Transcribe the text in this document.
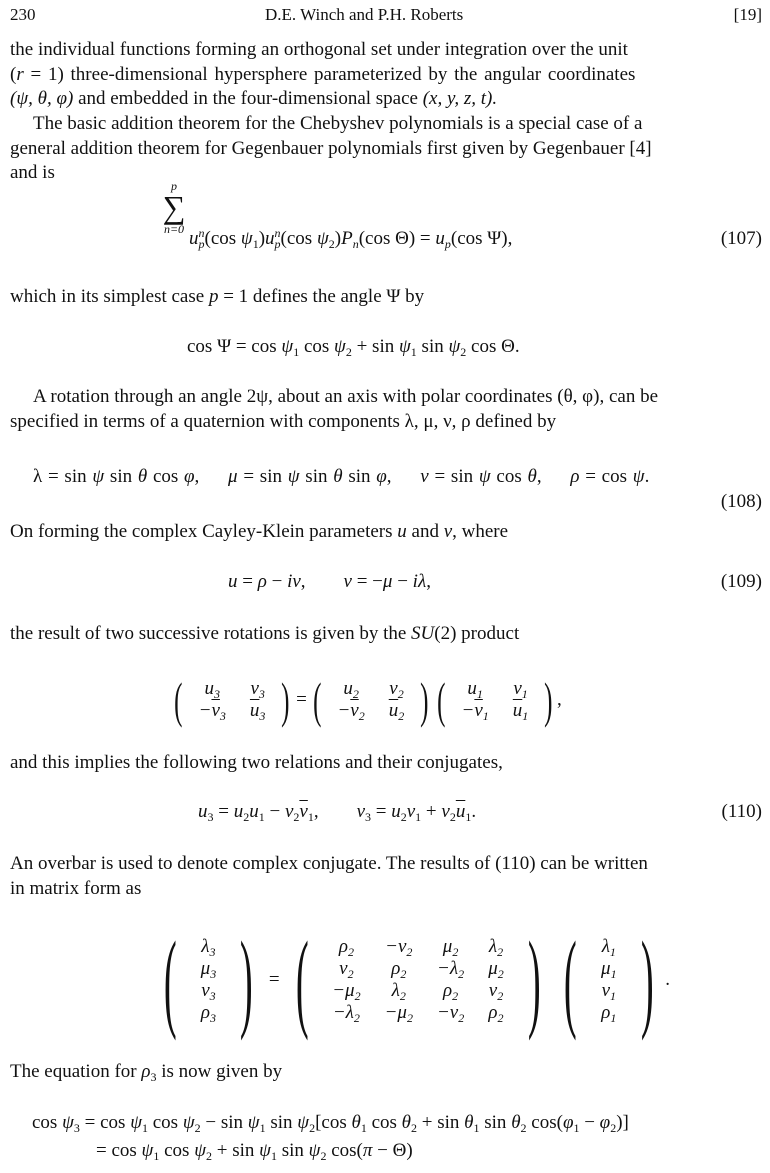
230	D.E. Winch and P.H. Roberts	[19]
the individual functions forming an orthogonal set under integration over the unit
(r = 1) three-dimensional hypersphere parameterized by the angular coordinates
(ψ, θ, φ) and embedded in the four-dimensional space (x, y, z, t).
The basic addition theorem for the Chebyshev polynomials is a special case of a
general addition theorem for Gegenbauer polynomials first given by Gegenbauer [4]
and is
p
∑
n=0 $u^n_p(\cos$ $\psi_1)u^n_p(\cos$ $\psi_2)P_n(\cos$ $\Theta) = u_p(\cos$ Ψ),	(107)
which in its simplest case p = 1 defines the angle Ψ by
$\cos \Psi = \cos \psi_1$ $\cos \psi_2 + \sin \psi_1$ $\sin \psi_2$ cos Θ.
A rotation through an angle 2ψ, about an axis with polar coordinates (θ, φ), can be
specified in terms of a quaternion with components λ, μ, ν, ρ defined by
λ = sin ψ sin θ cos φ,     μ = sin ψ sin θ sin φ,     ν = sin ψ cos θ,     ρ = cos ψ.
(108)
On forming the complex Cayley-Klein parameters u and v, where
u = ρ − iν,        v = −μ − iλ,	(109)
the result of two successive rotations is given by the SU(2) product
( $u_3$	$v_3$
$-\overline{v}_3$	$\overline{u}_3$ ) = ( $u_2$	$v_2$
$-\overline{v}_2$	$\overline{u}_2$ ) ( $u_1$	$v_1$
$-\overline{v}_1$	$\overline{u}_1$ ) ,
and this implies the following two relations and their conjugates,
$u_3 = u_2u_1 - v_2\overline{v}_1$,        $v_3 = u_2v_1 + v_2\overline{u}_1$.	(110)
An overbar is used to denote complex conjugate. The results of (110) can be written
in matrix form as
( $\lambda_3$
$\mu_3$
$\nu_3$
$\rho_3$ ) = ( $\rho_2$	$-\nu_2$	$\mu_2$	$\lambda_2$
$\nu_2$	$\rho_2$	$-\lambda_2$	$\mu_2$
$-\mu_2$	$\lambda_2$	$\rho_2$	$\nu_2$
$-\lambda_2$	$-\mu_2$	$-\nu_2$	$\rho_2$ ) ( $\lambda_1$
$\mu_1$
$\nu_1$
$\rho_1$ ) .
The equation for $\rho_3$ is now given by
$\cos \psi_3 = \cos \psi_1$ $\cos \psi_2 - \sin \psi_1$ $\sin \psi_2[\cos$ $\theta_1$ $\cos \theta_2 + \sin \theta_1$ $\sin \theta_2$ $\cos(\varphi_1 - \varphi_2)$]
= $\cos \psi_1$ $\cos \psi_2 + \sin \psi_1$ $\sin \psi_2$ cos(π − Θ)
